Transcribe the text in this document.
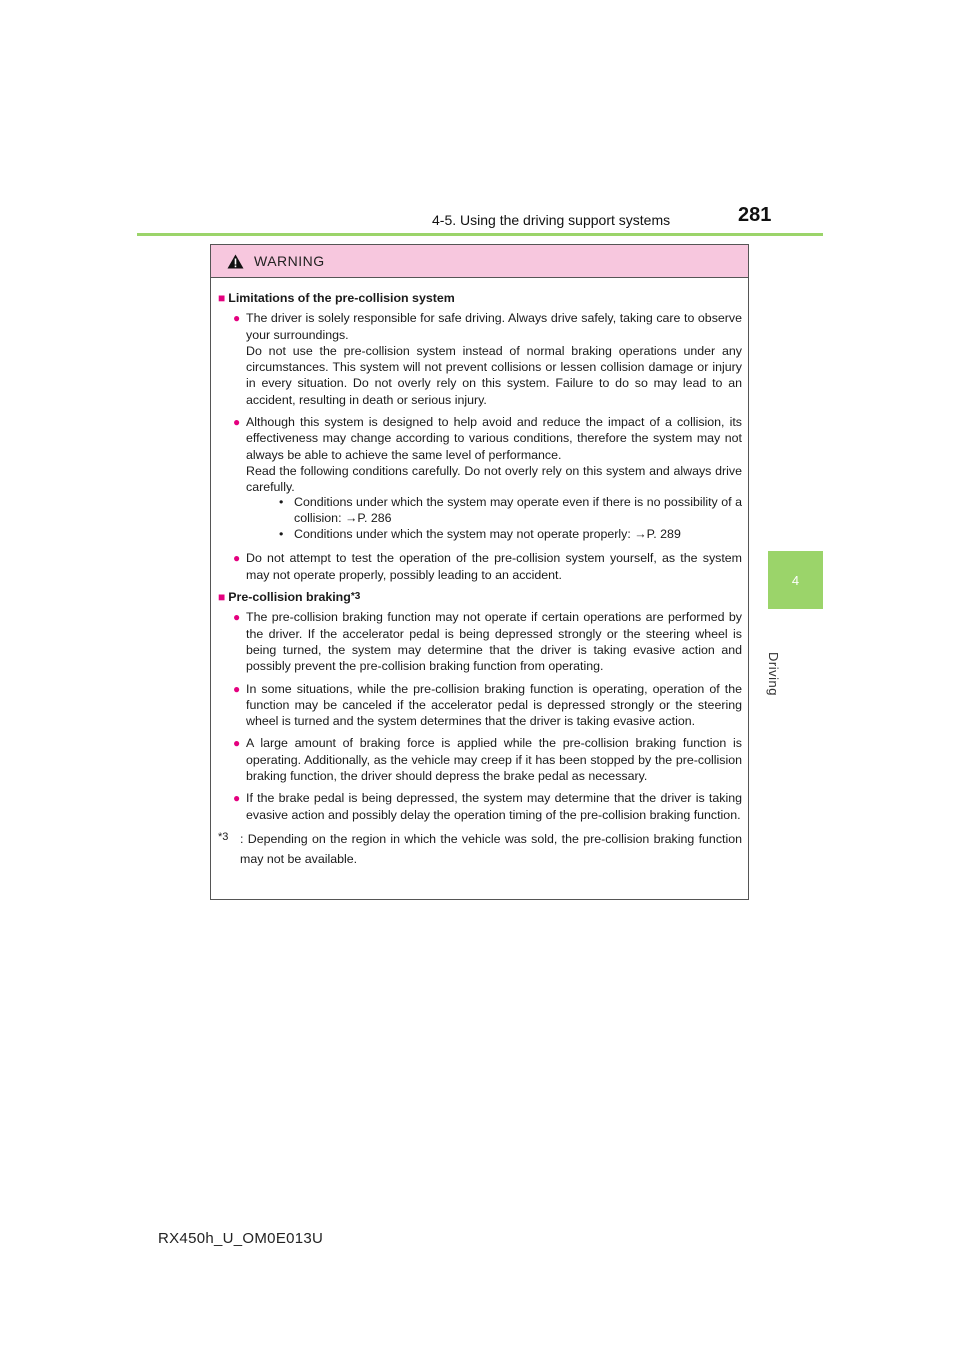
4-5. Using the driving support systems	281
4
Driving
WARNING
■ Limitations of the pre-collision system
● The driver is solely responsible for safe driving. Always drive safely, taking care to observe your surroundings.

Do not use the pre-collision system instead of normal braking operations under any circumstances. This system will not prevent collisions or lessen collision damage or injury in every situation. Do not overly rely on this system. Failure to do so may lead to an accident, resulting in death or serious injury.

● Although this system is designed to help avoid and reduce the impact of a collision, its effectiveness may change according to various conditions, therefore the system may not always be able to achieve the same level of performance.

Read the following conditions carefully. Do not overly rely on this system and always drive carefully.

• Conditions under which the system may operate even if there is no possibility of a collision: →P. 286
• Conditions under which the system may not operate properly: →P. 289
● Do not attempt to test the operation of the pre-collision system yourself, as the system may not operate properly, possibly leading to an accident.

■ Pre-collision braking *3
● The pre-collision braking function may not operate if certain operations are performed by the driver. If the accelerator pedal is being depressed strongly or the steering wheel is being turned, the system may determine that the driver is taking evasive action and possibly prevent the pre-collision braking function from operating.

● In some situations, while the pre-collision braking function is operating, operation of the function may be canceled if the accelerator pedal is depressed strongly or the steering wheel is turned and the system determines that the driver is taking evasive action.

● A large amount of braking force is applied while the pre-collision braking function is operating. Additionally, as the vehicle may creep if it has been stopped by the pre-collision braking function, the driver should depress the brake pedal as necessary.

● If the brake pedal is being depressed, the system may determine that the driver is taking evasive action and possibly delay the operation timing of the pre-collision braking function.

$^{*3}$ : Depending on the region in which the vehicle was sold, the pre-collision braking function may not be available.
RX450h_U_OM0E013U
